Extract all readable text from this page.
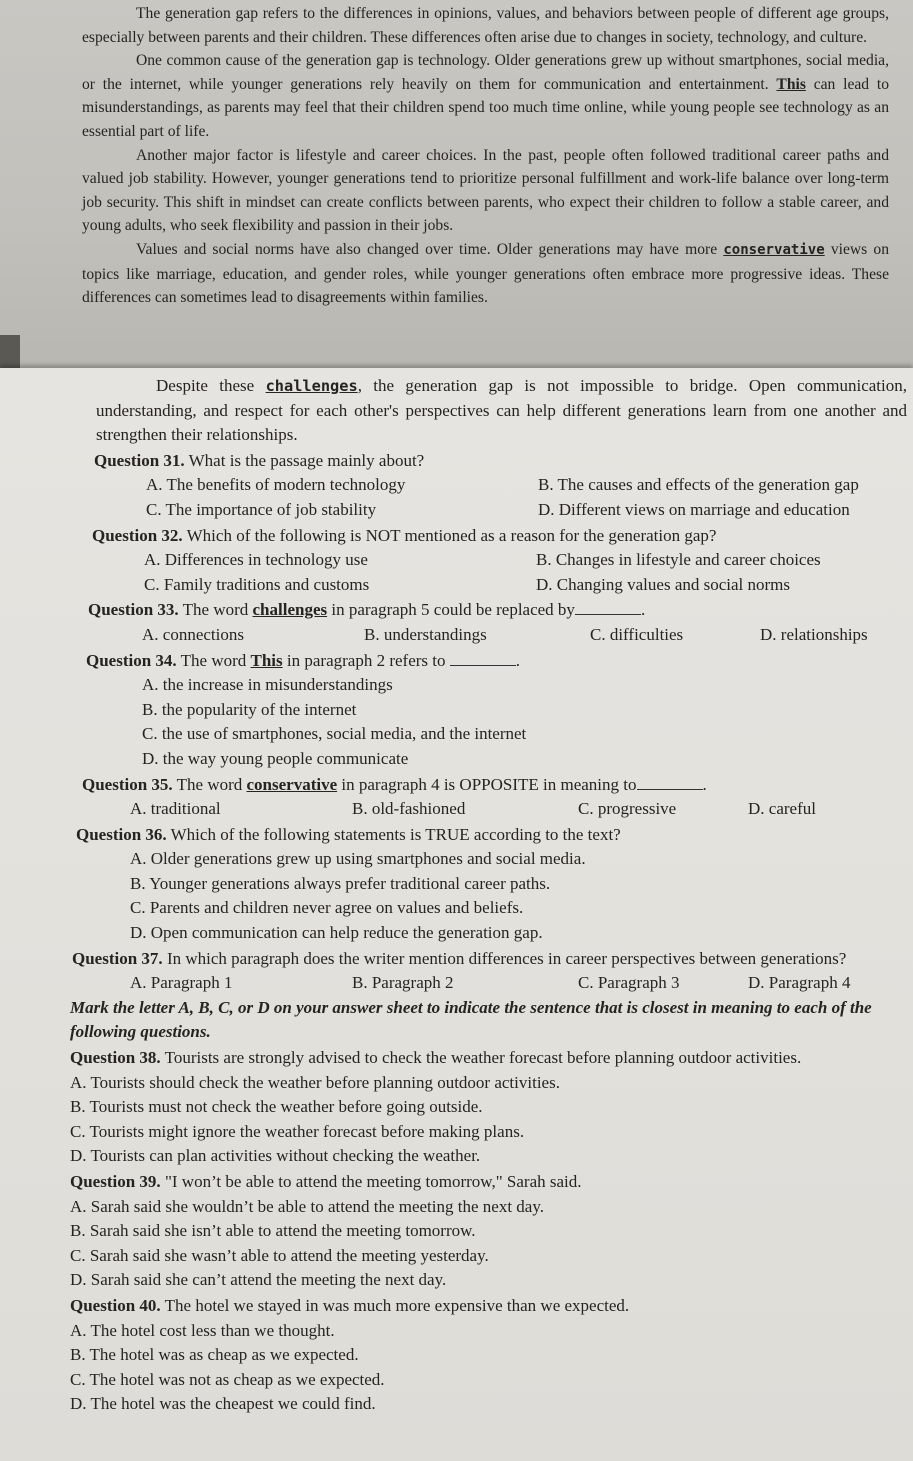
The generation gap refers to the differences in opinions, values, and behaviors between people of different age groups, especially between parents and their children. These differences often arise due to changes in society, technology, and culture.

One common cause of the generation gap is technology. Older generations grew up without smartphones, social media, or the internet, while younger generations rely heavily on them for communication and entertainment. This can lead to misunderstandings, as parents may feel that their children spend too much time online, while young people see technology as an essential part of life.

Another major factor is lifestyle and career choices. In the past, people often followed traditional career paths and valued job stability. However, younger generations tend to prioritize personal fulfillment and work-life balance over long-term job security. This shift in mindset can create conflicts between parents, who expect their children to follow a stable career, and young adults, who seek flexibility and passion in their jobs.

Values and social norms have also changed over time. Older generations may have more conservative views on topics like marriage, education, and gender roles, while younger generations often embrace more progressive ideas. These differences can sometimes lead to disagreements within families.

Despite these challenges, the generation gap is not impossible to bridge. Open communication, understanding, and respect for each other's perspectives can help different generations learn from one another and strengthen their relationships.

Question 31. What is the passage mainly about?

A. The benefits of modern technology	B. The causes and effects of the generation gap
C. The importance of job stability	D. Different views on marriage and education

Question 32. Which of the following is NOT mentioned as a reason for the generation gap?

A. Differences in technology use	B. Changes in lifestyle and career choices
C. Family traditions and customs	D. Changing values and social norms

Question 33. The word challenges in paragraph 5 could be replaced by	.

A. connections	B. understandings	C. difficulties	D. relationships

Question 34. The word This in paragraph 2 refers to	.

A. the increase in misunderstandings

B. the popularity of the internet

C. the use of smartphones, social media, and the internet

D. the way young people communicate

Question 35. The word conservative in paragraph 4 is OPPOSITE in meaning to	.

A. traditional	B. old-fashioned	C. progressive	D. careful

Question 36. Which of the following statements is TRUE according to the text?

A. Older generations grew up using smartphones and social media.

B. Younger generations always prefer traditional career paths.

C. Parents and children never agree on values and beliefs.

D. Open communication can help reduce the generation gap.

Question 37. In which paragraph does the writer mention differences in career perspectives between generations?

A. Paragraph 1	B. Paragraph 2	C. Paragraph 3	D. Paragraph 4

Mark the letter A, B, C, or D on your answer sheet to indicate the sentence that is closest in meaning to each of the following questions.

Question 38. Tourists are strongly advised to check the weather forecast before planning outdoor activities.

A. Tourists should check the weather before planning outdoor activities.

B. Tourists must not check the weather before going outside.

C. Tourists might ignore the weather forecast before making plans.

D. Tourists can plan activities without checking the weather.

Question 39. "I won’t be able to attend the meeting tomorrow," Sarah said.

A. Sarah said she wouldn’t be able to attend the meeting the next day.

B. Sarah said she isn’t able to attend the meeting tomorrow.

C. Sarah said she wasn’t able to attend the meeting yesterday.

D. Sarah said she can’t attend the meeting the next day.

Question 40. The hotel we stayed in was much more expensive than we expected.

A. The hotel cost less than we thought.

B. The hotel was as cheap as we expected.

C. The hotel was not as cheap as we expected.

D. The hotel was the cheapest we could find.
